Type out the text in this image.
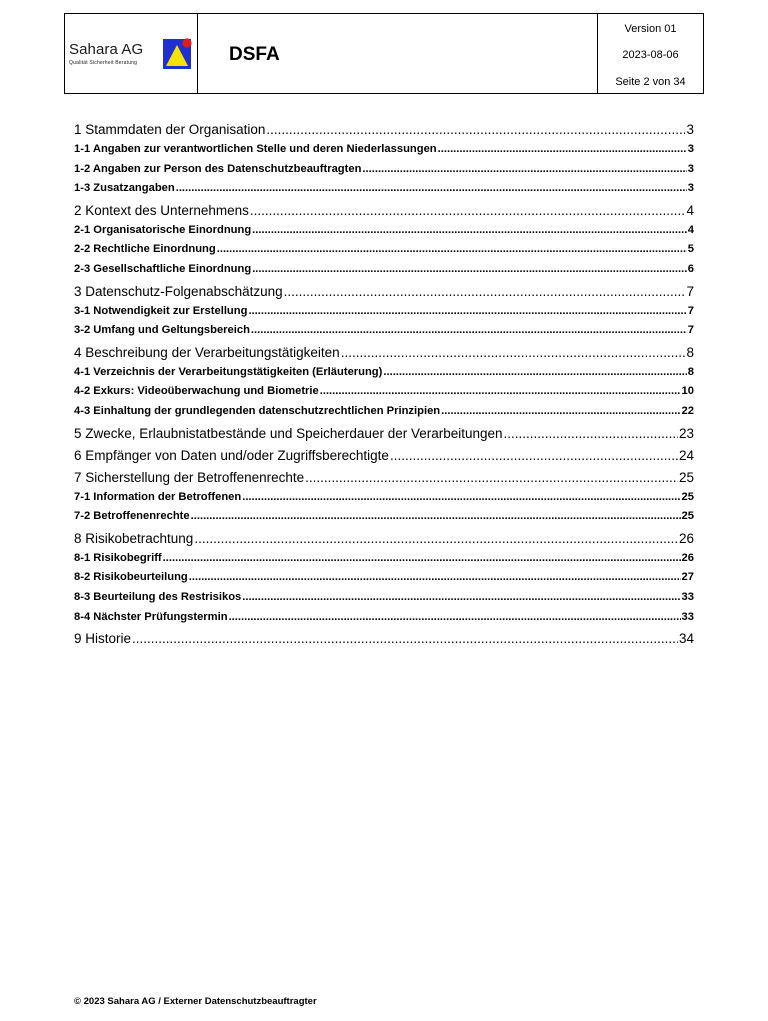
Sahara AG
Qualität Sicherheit Beratung	DSFA
Version 01
2023-08-06
Seite 2 von 34
1 Stammdaten der Organisation .....	3
1-1 Angaben zur verantwortlichen Stelle und deren Niederlassungen .....	3
1-2 Angaben zur Person des Datenschutzbeauftragten .....	3
1-3 Zusatzangaben .....	3
2 Kontext des Unternehmens .....	4
2-1 Organisatorische Einordnung .....	4
2-2 Rechtliche Einordnung .....	5
2-3 Gesellschaftliche Einordnung .....	6
3 Datenschutz-Folgenabschätzung .....	7
3-1 Notwendigkeit zur Erstellung .....	7
3-2 Umfang und Geltungsbereich .....	7
4 Beschreibung der Verarbeitungstätigkeiten .....	8
4-1 Verzeichnis der Verarbeitungstätigkeiten (Erläuterung) .....	8
4-2 Exkurs: Videoüberwachung und Biometrie .....	10
4-3 Einhaltung der grundlegenden datenschutzrechtlichen Prinzipien .....	22
5 Zwecke, Erlaubnistatbestände und Speicherdauer der Verarbeitungen .....	23
6 Empfänger von Daten und/oder Zugriffsberechtigte .....	24
7 Sicherstellung der Betroffenenrechte .....	25
7-1 Information der Betroffenen .....	25
7-2 Betroffenenrechte .....	25
8 Risikobetrachtung .....	26
8-1 Risikobegriff .....	26
8-2 Risikobeurteilung .....	27
8-3 Beurteilung des Restrisikos .....	33
8-4 Nächster Prüfungstermin .....	33
9 Historie .....	34
© 2023 Sahara AG / Externer Datenschutzbeauftragter
